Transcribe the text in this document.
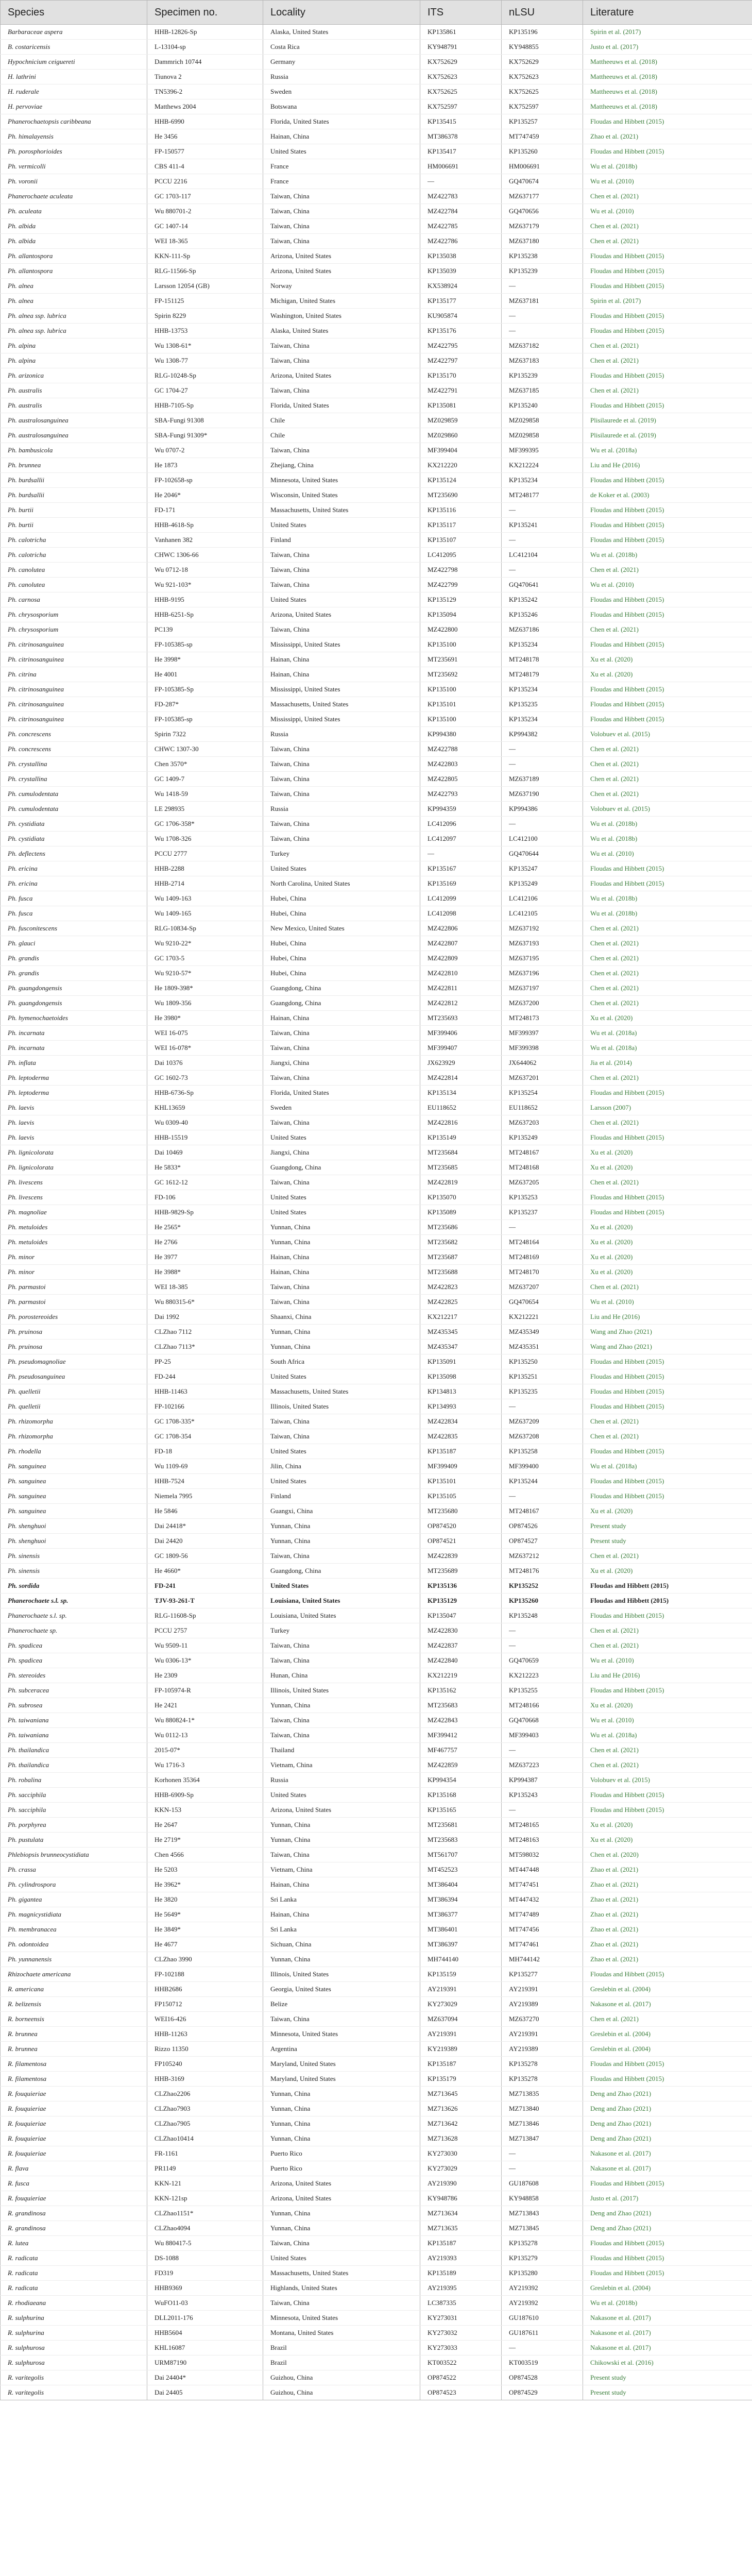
Species	Specimen no.	Locality	ITS	nLSU	Literature
Barbaraceae aspera	HHB-12826-Sp	Alaska, United States	KP135861	KP135196	Spirin et al. (2017)
B. costaricensis	L-13104-sp	Costa Rica	KY948791	KY948855	Justo et al. (2017)
Hypochnicium ceiguereti	Dammrich 10744	Germany	KX752629	KX752629	Mattheeuws et al. (2018)
H. lathrini	Tiunova 2	Russia	KX752623	KX752623	Mattheeuws et al. (2018)
H. ruderale	TN5396-2	Sweden	KX752625	KX752625	Mattheeuws et al. (2018)
H. pervoviae	Matthews 2004	Botswana	KX752597	KX752597	Mattheeuws et al. (2018)
Phanerochaetopsis caribbeana	HHB-6990	Florida, United States	KP135415	KP135257	Floudas and Hibbett (2015)
Ph. himalayensis	He 3456	Hainan, China	MT386378	MT747459	Zhao et al. (2021)
Ph. porosphorioides	FP-150577	United States	KP135417	KP135260	Floudas and Hibbett (2015)
Ph. vermicolli	CBS 411-4	France	HM006691	HM006691	Wu et al. (2018b)
Ph. voronii	PCCU 2216	France	—	GQ470674	Wu et al. (2010)
Phanerochaete aculeata	GC 1703-117	Taiwan, China	MZ422783	MZ637177	Chen et al. (2021)
Ph. aculeata	Wu 880701-2	Taiwan, China	MZ422784	GQ470656	Wu et al. (2010)
Ph. albida	GC 1407-14	Taiwan, China	MZ422785	MZ637179	Chen et al. (2021)
Ph. albida	WEI 18-365	Taiwan, China	MZ422786	MZ637180	Chen et al. (2021)
Ph. allantospora	KKN-111-Sp	Arizona, United States	KP135038	KP135238	Floudas and Hibbett (2015)
Ph. allantospora	RLG-11566-Sp	Arizona, United States	KP135039	KP135239	Floudas and Hibbett (2015)
Ph. alnea	Larsson 12054 (GB)	Norway	KX538924	—	Floudas and Hibbett (2015)
Ph. alnea	FP-151125	Michigan, United States	KP135177	MZ637181	Spirin et al. (2017)
Ph. alnea ssp. lubrica	Spirin 8229	Washington, United States	KU905874	—	Floudas and Hibbett (2015)
Ph. alnea ssp. lubrica	HHB-13753	Alaska, United States	KP135176	—	Floudas and Hibbett (2015)
Ph. alpina	Wu 1308-61*	Taiwan, China	MZ422795	MZ637182	Chen et al. (2021)
Ph. alpina	Wu 1308-77	Taiwan, China	MZ422797	MZ637183	Chen et al. (2021)
Ph. arizonica	RLG-10248-Sp	Arizona, United States	KP135170	KP135239	Floudas and Hibbett (2015)
Ph. australis	GC 1704-27	Taiwan, China	MZ422791	MZ637185	Chen et al. (2021)
Ph. australis	HHB-7105-Sp	Florida, United States	KP135081	KP135240	Floudas and Hibbett (2015)
Ph. australosanguinea	SBA-Fungi 91308	Chile	MZ029859	MZ029858	Plisilaurede et al. (2019)
Ph. australosanguinea	SBA-Fungi 91309*	Chile	MZ029860	MZ029858	Plisilaurede et al. (2019)
Ph. bambusicola	Wu 0707-2	Taiwan, China	MF399404	MF399395	Wu et al. (2018a)
Ph. brunnea	He 1873	Zhejiang, China	KX212220	KX212224	Liu and He (2016)
Ph. burdsallii	FP-102658-sp	Minnesota, United States	KP135124	KP135234	Floudas and Hibbett (2015)
Ph. burdsallii	He 2046*	Wisconsin, United States	MT235690	MT248177	de Koker et al. (2003)
Ph. burtii	FD-171	Massachusetts, United States	KP135116	—	Floudas and Hibbett (2015)
Ph. burtii	HHB-4618-Sp	United States	KP135117	KP135241	Floudas and Hibbett (2015)
Ph. calotricha	Vanhanen 382	Finland	KP135107	—	Floudas and Hibbett (2015)
Ph. calotricha	CHWC 1306-66	Taiwan, China	LC412095	LC412104	Wu et al. (2018b)
Ph. canolutea	Wu 0712-18	Taiwan, China	MZ422798	—	Chen et al. (2021)
Ph. canolutea	Wu 921-103*	Taiwan, China	MZ422799	GQ470641	Wu et al. (2010)
Ph. carnosa	HHB-9195	United States	KP135129	KP135242	Floudas and Hibbett (2015)
Ph. chrysosporium	HHB-6251-Sp	Arizona, United States	KP135094	KP135246	Floudas and Hibbett (2015)
Ph. chrysosporium	PC139	Taiwan, China	MZ422800	MZ637186	Chen et al. (2021)
Ph. citrinosanguinea	FP-105385-sp	Mississippi, United States	KP135100	KP135234	Floudas and Hibbett (2015)
Ph. citrinosanguinea	He 3998*	Hainan, China	MT235691	MT248178	Xu et al. (2020)
Ph. citrina	He 4001	Hainan, China	MT235692	MT248179	Xu et al. (2020)
Ph. citrinosanguinea	FP-105385-Sp	Mississippi, United States	KP135100	KP135234	Floudas and Hibbett (2015)
Ph. citrinosanguinea	FD-287*	Massachusetts, United States	KP135101	KP135235	Floudas and Hibbett (2015)
Ph. citrinosanguinea	FP-105385-sp	Mississippi, United States	KP135100	KP135234	Floudas and Hibbett (2015)
Ph. concrescens	Spirin 7322	Russia	KP994380	KP994382	Volobuev et al. (2015)
Ph. concrescens	CHWC 1307-30	Taiwan, China	MZ422788	—	Chen et al. (2021)
Ph. crystallina	Chen 3570*	Taiwan, China	MZ422803	—	Chen et al. (2021)
Ph. crystallina	GC 1409-7	Taiwan, China	MZ422805	MZ637189	Chen et al. (2021)
Ph. cumulodentata	Wu 1418-59	Taiwan, China	MZ422793	MZ637190	Chen et al. (2021)
Ph. cumulodentata	LE 298935	Russia	KP994359	KP994386	Volobuev et al. (2015)
Ph. cystidiata	GC 1706-358*	Taiwan, China	LC412096	—	Wu et al. (2018b)
Ph. cystidiata	Wu 1708-326	Taiwan, China	LC412097	LC412100	Wu et al. (2018b)
Ph. deflectens	PCCU 2777	Turkey	—	GQ470644	Wu et al. (2010)
Ph. ericina	HHB-2288	United States	KP135167	KP135247	Floudas and Hibbett (2015)
Ph. ericina	HHB-2714	North Carolina, United States	KP135169	KP135249	Floudas and Hibbett (2015)
Ph. fusca	Wu 1409-163	Hubei, China	LC412099	LC412106	Wu et al. (2018b)
Ph. fusca	Wu 1409-165	Hubei, China	LC412098	LC412105	Wu et al. (2018b)
Ph. fusconitescens	RLG-10834-Sp	New Mexico, United States	MZ422806	MZ637192	Chen et al. (2021)
Ph. glauci	Wu 9210-22*	Hubei, China	MZ422807	MZ637193	Chen et al. (2021)
Ph. grandis	GC 1703-5	Hubei, China	MZ422809	MZ637195	Chen et al. (2021)
Ph. grandis	Wu 9210-57*	Hubei, China	MZ422810	MZ637196	Chen et al. (2021)
Ph. guangdongensis	He 1809-398*	Guangdong, China	MZ422811	MZ637197	Chen et al. (2021)
Ph. guangdongensis	Wu 1809-356	Guangdong, China	MZ422812	MZ637200	Chen et al. (2021)
Ph. hymenochaetoides	He 3980*	Hainan, China	MT235693	MT248173	Xu et al. (2020)
Ph. incarnata	WEI 16-075	Taiwan, China	MF399406	MF399397	Wu et al. (2018a)
Ph. incarnata	WEI 16-078*	Taiwan, China	MF399407	MF399398	Wu et al. (2018a)
Ph. inflata	Dai 10376	Jiangxi, China	JX623929	JX644062	Jia et al. (2014)
Ph. leptoderma	GC 1602-73	Taiwan, China	MZ422814	MZ637201	Chen et al. (2021)
Ph. leptoderma	HHB-6736-Sp	Florida, United States	KP135134	KP135254	Floudas and Hibbett (2015)
Ph. laevis	KHL13659	Sweden	EU118652	EU118652	Larsson (2007)
Ph. laevis	Wu 0309-40	Taiwan, China	MZ422816	MZ637203	Chen et al. (2021)
Ph. laevis	HHB-15519	United States	KP135149	KP135249	Floudas and Hibbett (2015)
Ph. lignicolorata	Dai 10469	Jiangxi, China	MT235684	MT248167	Xu et al. (2020)
Ph. lignicolorata	He 5833*	Guangdong, China	MT235685	MT248168	Xu et al. (2020)
Ph. livescens	GC 1612-12	Taiwan, China	MZ422819	MZ637205	Chen et al. (2021)
Ph. livescens	FD-106	United States	KP135070	KP135253	Floudas and Hibbett (2015)
Ph. magnoliae	HHB-9829-Sp	United States	KP135089	KP135237	Floudas and Hibbett (2015)
Ph. metuloides	He 2565*	Yunnan, China	MT235686	—	Xu et al. (2020)
Ph. metuloides	He 2766	Yunnan, China	MT235682	MT248164	Xu et al. (2020)
Ph. minor	He 3977	Hainan, China	MT235687	MT248169	Xu et al. (2020)
Ph. minor	He 3988*	Hainan, China	MT235688	MT248170	Xu et al. (2020)
Ph. parmastoi	WEI 18-385	Taiwan, China	MZ422823	MZ637207	Chen et al. (2021)
Ph. parmastoi	Wu 880315-6*	Taiwan, China	MZ422825	GQ470654	Wu et al. (2010)
Ph. porostereoides	Dai 1992	Shaanxi, China	KX212217	KX212221	Liu and He (2016)
Ph. pruinosa	CLZhao 7112	Yunnan, China	MZ435345	MZ435349	Wang and Zhao (2021)
Ph. pruinosa	CLZhao 7113*	Yunnan, China	MZ435347	MZ435351	Wang and Zhao (2021)
Ph. pseudomagnoliae	PP-25	South Africa	KP135091	KP135250	Floudas and Hibbett (2015)
Ph. pseudosanguinea	FD-244	United States	KP135098	KP135251	Floudas and Hibbett (2015)
Ph. quelletii	HHB-11463	Massachusetts, United States	KP134813	KP135235	Floudas and Hibbett (2015)
Ph. quelletii	FP-102166	Illinois, United States	KP134993	—	Floudas and Hibbett (2015)
Ph. rhizomorpha	GC 1708-335*	Taiwan, China	MZ422834	MZ637209	Chen et al. (2021)
Ph. rhizomorpha	GC 1708-354	Taiwan, China	MZ422835	MZ637208	Chen et al. (2021)
Ph. rhodella	FD-18	United States	KP135187	KP135258	Floudas and Hibbett (2015)
Ph. sanguinea	Wu 1109-69	Jilin, China	MF399409	MF399400	Wu et al. (2018a)
Ph. sanguinea	HHB-7524	United States	KP135101	KP135244	Floudas and Hibbett (2015)
Ph. sanguinea	Niemela 7995	Finland	KP135105	—	Floudas and Hibbett (2015)
Ph. sanguinea	He 5846	Guangxi, China	MT235680	MT248167	Xu et al. (2020)
Ph. shenghuoi	Dai 24418*	Yunnan, China	OP874520	OP874526	Present study
Ph. shenghuoi	Dai 24420	Yunnan, China	OP874521	OP874527	Present study
Ph. sinensis	GC 1809-56	Taiwan, China	MZ422839	MZ637212	Chen et al. (2021)
Ph. sinensis	He 4660*	Guangdong, China	MT235689	MT248176	Xu et al. (2020)
Ph. sordida	FD-241	United States	KP135136	KP135252	Floudas and Hibbett (2015)
Phanerochaete s.l. sp.	TJV-93-261-T	Louisiana, United States	KP135129	KP135260	Floudas and Hibbett (2015)
Phanerochaete s.l. sp.	RLG-11608-Sp	Louisiana, United States	KP135047	KP135248	Floudas and Hibbett (2015)
Phanerochaete sp.	PCCU 2757	Turkey	MZ422830	—	Chen et al. (2021)
Ph. spadicea	Wu 9509-11	Taiwan, China	MZ422837	—	Chen et al. (2021)
Ph. spadicea	Wu 0306-13*	Taiwan, China	MZ422840	GQ470659	Wu et al. (2010)
Ph. stereoides	He 2309	Hunan, China	KX212219	KX212223	Liu and He (2016)
Ph. subceracea	FP-105974-R	Illinois, United States	KP135162	KP135255	Floudas and Hibbett (2015)
Ph. subrosea	He 2421	Yunnan, China	MT235683	MT248166	Xu et al. (2020)
Ph. taiwaniana	Wu 880824-1*	Taiwan, China	MZ422843	GQ470668	Wu et al. (2010)
Ph. taiwaniana	Wu 0112-13	Taiwan, China	MF399412	MF399403	Wu et al. (2018a)
Ph. thailandica	2015-07*	Thailand	MF467757	—	Chen et al. (2021)
Ph. thailandica	Wu 1716-3	Vietnam, China	MZ422859	MZ637223	Chen et al. (2021)
Ph. robalina	Korhonen 35364	Russia	KP994354	KP994387	Volobuev et al. (2015)
Ph. sacciphila	HHB-6909-Sp	United States	KP135168	KP135243	Floudas and Hibbett (2015)
Ph. sacciphila	KKN-153	Arizona, United States	KP135165	—	Floudas and Hibbett (2015)
Ph. porphyrea	He 2647	Yunnan, China	MT235681	MT248165	Xu et al. (2020)
Ph. pustulata	He 2719*	Yunnan, China	MT235683	MT248163	Xu et al. (2020)
Phlebiopsis brunneocystidiata	Chen 4566	Taiwan, China	MT561707	MT598032	Chen et al. (2020)
Ph. crassa	He 5203	Vietnam, China	MT452523	MT447448	Zhao et al. (2021)
Ph. cylindrospora	He 3962*	Hainan, China	MT386404	MT747451	Zhao et al. (2021)
Ph. gigantea	He 3820	Sri Lanka	MT386394	MT447432	Zhao et al. (2021)
Ph. magnicystidiata	He 5649*	Hainan, China	MT386377	MT747489	Zhao et al. (2021)
Ph. membranacea	He 3849*	Sri Lanka	MT386401	MT747456	Zhao et al. (2021)
Ph. odontoidea	He 4677	Sichuan, China	MT386397	MT747461	Zhao et al. (2021)
Ph. yunnanensis	CLZhao 3990	Yunnan, China	MH744140	MH744142	Zhao et al. (2021)
Rhizochaete americana	FP-102188	Illinois, United States	KP135159	KP135277	Floudas and Hibbett (2015)
R. americana	HHB2686	Georgia, United States	AY219391	AY219391	Greslebin et al. (2004)
R. belizensis	FP150712	Belize	KY273029	AY219389	Nakasone et al. (2017)
R. borneensis	WEI16-426	Taiwan, China	MZ637094	MZ637270	Chen et al. (2021)
R. brunnea	HHB-11263	Minnesota, United States	AY219391	AY219391	Greslebin et al. (2004)
R. brunnea	Rizzo 11350	Argentina	KY219389	AY219389	Greslebin et al. (2004)
R. filamentosa	FP105240	Maryland, United States	KP135187	KP135278	Floudas and Hibbett (2015)
R. filamentosa	HHB-3169	Maryland, United States	KP135179	KP135278	Floudas and Hibbett (2015)
R. fouquieriae	CLZhao2206	Yunnan, China	MZ713645	MZ713835	Deng and Zhao (2021)
R. fouquieriae	CLZhao7903	Yunnan, China	MZ713626	MZ713840	Deng and Zhao (2021)
R. fouquieriae	CLZhao7905	Yunnan, China	MZ713642	MZ713846	Deng and Zhao (2021)
R. fouquieriae	CLZhao10414	Yunnan, China	MZ713628	MZ713847	Deng and Zhao (2021)
R. fouquieriae	FR-1161	Puerto Rico	KY273030	—	Nakasone et al. (2017)
R. flava	PR1149	Puerto Rico	KY273029	—	Nakasone et al. (2017)
R. fusca	KKN-121	Arizona, United States	AY219390	GU187608	Floudas and Hibbett (2015)
R. fouquieriae	KKN-121sp	Arizona, United States	KY948786	KY948858	Justo et al. (2017)
R. grandinosa	CLZhao1151*	Yunnan, China	MZ713634	MZ713843	Deng and Zhao (2021)
R. grandinosa	CLZhao4094	Yunnan, China	MZ713635	MZ713845	Deng and Zhao (2021)
R. lutea	Wu 880417-5	Taiwan, China	KP135187	KP135278	Floudas and Hibbett (2015)
R. radicata	DS-1088	United States	AY219393	KP135279	Floudas and Hibbett (2015)
R. radicata	FD319	Massachusetts, United States	KP135189	KP135280	Floudas and Hibbett (2015)
R. radicata	HHB9369	Highlands, United States	AY219395	AY219392	Greslebin et al. (2004)
R. rhodiaeana	WuFO11-03	Taiwan, China	LC387335	AY219392	Wu et al. (2018b)
R. sulphurina	DLL2011-176	Minnesota, United States	KY273031	GU187610	Nakasone et al. (2017)
R. sulphurina	HHB5604	Montana, United States	KY273032	GU187611	Nakasone et al. (2017)
R. sulphurosa	KHL16087	Brazil	KY273033	—	Nakasone et al. (2017)
R. sulphurosa	URM87190	Brazil	KT003522	KT003519	Chikowski et al. (2016)
R. varitegolis	Dai 24404*	Guizhou, China	OP874522	OP874528	Present study
R. varitegolis	Dai 24405	Guizhou, China	OP874523	OP874529	Present study
